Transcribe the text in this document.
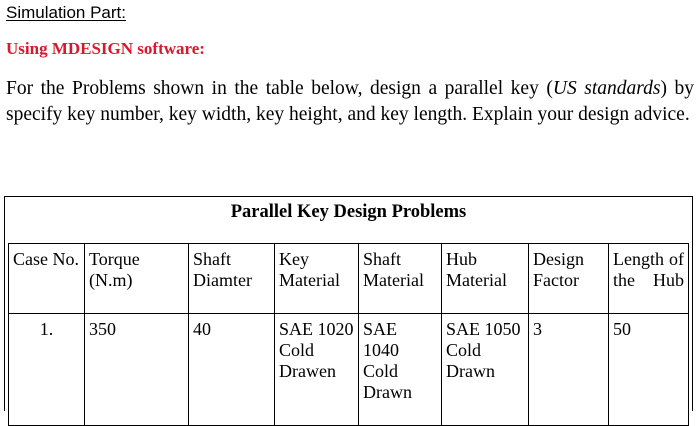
Simulation Part:
Using MDESIGN software:

For the Problems shown in the table below, design a parallel key (US standards) by specify key number, key width, key height, and key length. Explain your design advice.

Parallel Key Design Problems
Case No.	Torque (N.m)	Shaft Diamter	Key Material	Shaft Material	Hub Material	Design Factor	Length of the Hub
1.	350	40	SAE 1020 Cold Drawen	SAE 1040 Cold Drawn	SAE 1050 Cold Drawn	3	50
